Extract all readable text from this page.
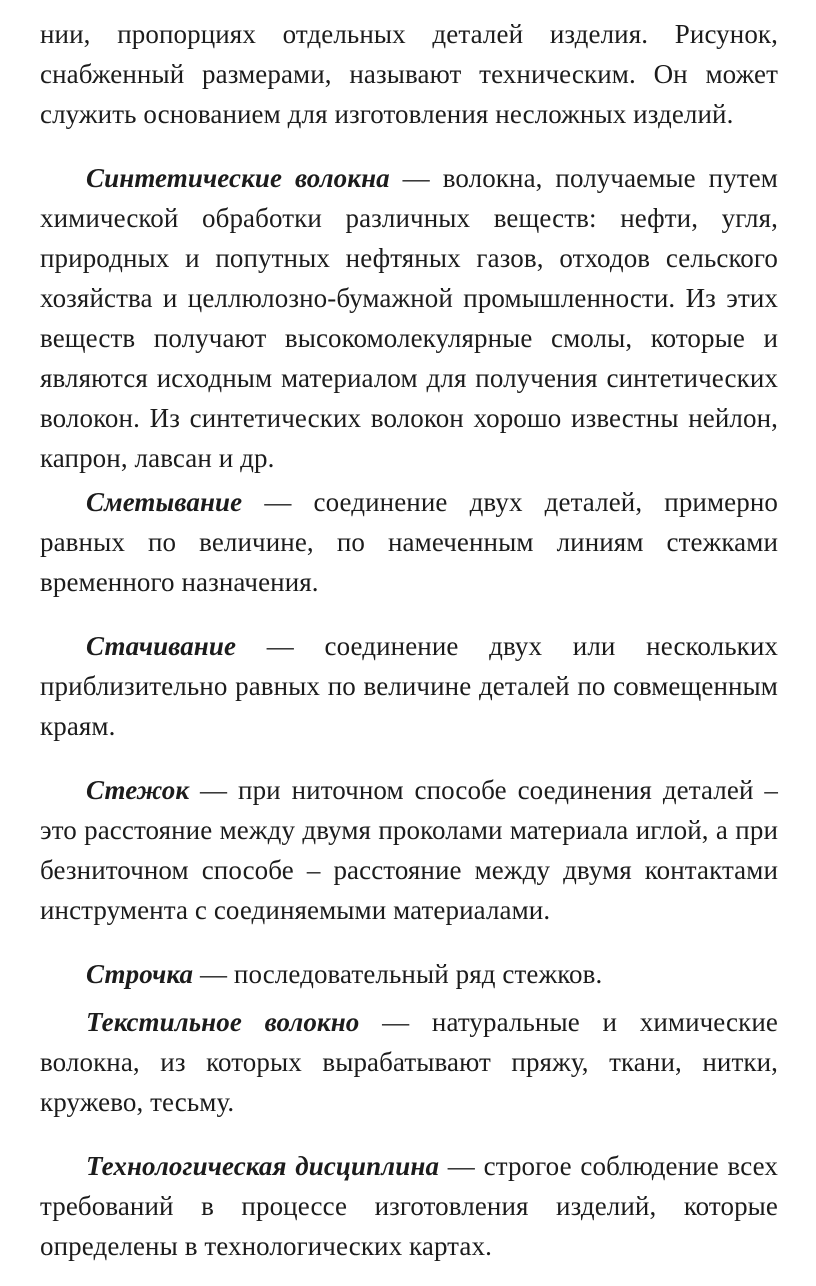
нии, пропорциях отдельных деталей изделия. Рисунок, снабженный размерами, называют техническим. Он может служить основанием для изготовления несложных изделий.

Синтетические волокна — волокна, получаемые путем химической обработки различных веществ: нефти, угля, природных и попутных нефтяных газов, отходов сельского хозяйства и целлюлозно-бумажной промышленности. Из этих веществ получают высокомолекулярные смолы, которые и являются исходным материалом для получения синтетических волокон. Из синтетических волокон хорошо известны нейлон, капрон, лавсан и др.

Сметывание — соединение двух деталей, примерно равных по величине, по намеченным линиям стежками временного назначения.

Стачивание — соединение двух или нескольких приблизительно равных по величине деталей по совмещенным краям.

Стежок — при ниточном способе соединения деталей – это расстояние между двумя проколами материала иглой, а при безниточном способе – расстояние между двумя контактами инструмента с соединяемыми материалами.

Строчка — последовательный ряд стежков.

Текстильное волокно — натуральные и химические волокна, из которых вырабатывают пряжу, ткани, нитки, кружево, тесьму.

Технологическая дисциплина — строгое соблюдение всех требований в процессе изготовления изделий, которые определены в технологических картах.
